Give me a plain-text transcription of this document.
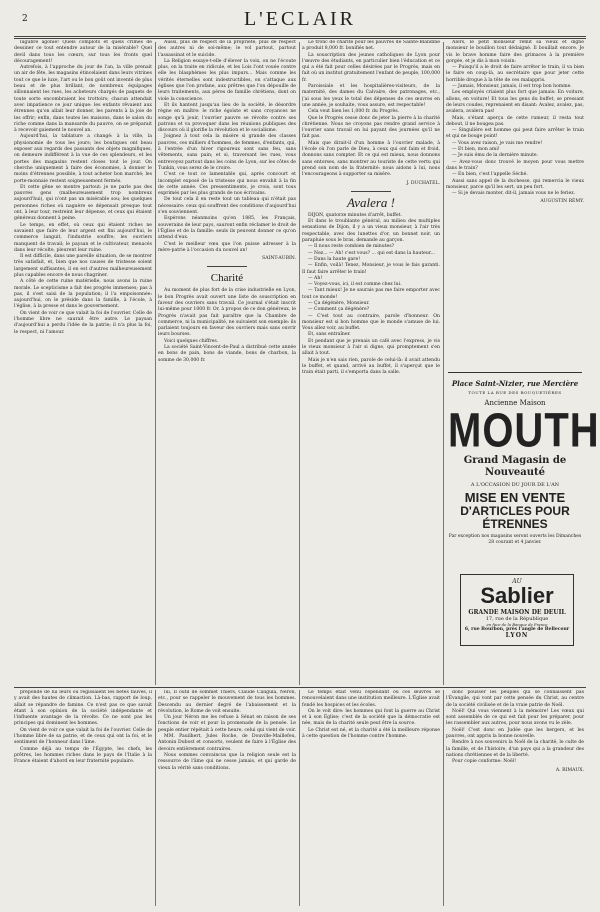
2	L'ECLAIR

lugubre agonie! Quels complots et quels crimes de dessiner ce tout entendre autour de la misérable? Quel devil dans tous les cœurs, sur tous les fronts quel découragement!

Autrefois, à l'approche du jour de l'an, la ville prenait un air de fête, les magasins étincelaient dans leurs vitrines tout ce que le luxe, l'art ou le bon goût ont inventé de plus beau et de plus brillant, de nombreux équipages sillonnaient les rues, les acheteurs chargés de paquets de toute sorte encombraient les trottoirs; chacun attendait avec impatience ce jour unique: les enfants rêvaient aux étrennes qu'on allait leur donner, les parents à la joie de les offrir; enfin, dans toutes les maisons, dans le salon du riche comme dans la mansarde du pauvre, on se préparait à recevoir gaiement le nouvel an.

Aujourd'hui, la tablature a changé: à la ville, la physionomie de tous les jours; les boutiques ont beau exposer aux regards des passants des objets magnifiques, on demeure indifférent à la vue de ces splendeurs, et les portes des magasins restent closes tout le jour. On cherche uniquement à faire des économies, à donner le moins d'étrennes possible, à tout acheter bon marché; les porte-monnaie restent soigneusement fermés.

Et cette gêne se montre partout: je ne parle pas des pauvres gens (malheureusement trop nombreux aujourd'hui), qui n'ont pas un misérable sou; les quelques personnes riches où naguère se dépensait presque tout ont, à leur tour, restreint leur dépense, et ceux qui étaient généreux donnent à peine.

Le temps, en effet, où ceux qui étaient riches ne savaient que faire de leur argent est fini aujourd'hui, le commerce languit, l'industrie souffre; les ouvriers manquent de travail; le paysan et le cultivateur, menacés dans leur récolte, pleurent leur ruine.

Il est difficile, dans une pareille situation, de se montrer très satisfait, et, bien que nos causes de tristesse soient largement suffisantes, il en est d'autres malheureusement plus capables encore de nous chagriner.

A côté de cette ruine matérielle, nous avons la ruine morale. Le scepticisme a fait des progrès immenses; pas à pas, il s'est saisi de la population; il l'a empoisonnée: aujourd'hui, on le préside dans la famille, à l'école, à l'église, à la presse et dans le gouvernement.

On vient de voir ce que valait la foi de l'ouvrier. Celle de l'homme libre ne saurait être autre. Le paysan d'aujourd'hui a perdu l'idée de la patrie; il n'a plus la foi, le respect, ni l'amour.

Aussi, plus de respect de la propriété, plus de respect des autres ni de soi-même; le vol partout, partout l'assassinat et le suicide.

La Religion essaye-t-elle d'élever la voix, on ne l'écoute plus, on la traite en ridicule, et les Lois l'ont vouée contre elle les blasphèmes les plus impurs... Mais comme les vérités éternelles sont indestructibles, on s'attaque aux églises que l'on profane, aux prêtres que l'on dépouille de leurs traitements, aux pères de famille chrétiens, dont on viole la conscience.

Et ils hantent jusqu'au lieu de la société, le désordre règne en maître: le riche égoïste et sans croyances ne songe qu'à jouir, l'ouvrier pauvre se révolte contre ses patrons et va provoquer dans les réunions publiques des discours où il glorifie la révolution et le socialisme.

Joignez à tout cela la misère si grande des classes pauvres, ces milliers d'hommes, de femmes, d'enfants, qui, à l'entrée d'un hiver rigoureux sont sans feu, sans vêtements, sans pain; et si, traversant les rues, vous entrevoyez partout dans les coins de Lyon, sur les côtes de Tunkin, vous serez de le croire.

C'est ce tout ce lamentable qui, après concourt et incomplet exposé de la tristesse qui nous envahit à la fin de cette année. Ces pressentiments, je crois, sont tous exprimés par les plus grands de nos écrivains.

De tout cela il en reste tout un tableau qui n'était pas nécessaire: ceux qui souffrent des conditions d'aujourd'hui s'en souviennent.

Espérons néanmoins qu'en 1885, les Français, souverains de leur pays, sauront enfin réclamer le droit de l'Église et de la famille: seuls ils peuvent donner ce qu'on attend d'eux.

C'est le meilleur vœu que l'on puisse adresser à la mère-patrie à l'occasion du nouvel an!

SAINT-AUBIN.
Charité

Au moment de plus fort de la crise industrielle en Lyon, le bon Progrès avait ouvert une liste de souscription en faveur des ouvriers sans travail. Ce journal s'était inscrit lui-même pour 1000 fr. Or, à propos de ce don généreux, le Progrès n'avait pas fait paraître que la Chambre de commerce, ni la municipalité, ne suivaient son exemple: ils parlaient toujours en faveur des ouvriers mais sans ouvrir leurs bourses.

Voici quelques chiffres.

La société Saint-Vincent-de-Paul a distribué cette année en bons de pain, bons de viande, bons de charbon, la somme de 30,000 fr.

Le tronc de charité pour les pauvres de Sainte-Blandine a produit 8,000 fr. bonifiés net.

La souscription des jeunes catholiques de Lyon pour l'œuvre des étudiants, en particulier bien l'éducation et ce qui a été fait pour celles désirées par le Progrès, mais en fait où un institut gratuitement l'enfant de peuple, 100,000 fr.

Paroissiale et les hospitalières-visiteurs, de la maternité, des dames du Calvaire, des patronages, etc., j'ai sous les yeux le total des dépenses de ces œuvres en une année, je souhaite, vous assure, est respectable!

Cela veut bien les 1,000 fr. du Progrès.

Que le Progrès cesse donc de jeter la pierre à la charité chrétienne. Nous ne croyons pas rendre grand service à l'ouvrier sans travail en lui payant des journées qu'il ne fait pas.

Mais que dirait-il d'un homme à l'ouvrier malade, à l'école où l'on parle de Dieu, à ceux qui ont faim et froid, donnons sans compter. Et ce qui est mieux, nous donnons sans entorses, sans montrer au touriste de cette vertu qui prend son nom de la fraternité: nous aidons à lui, nous l'encourageons à supporter sa misère.

J. DUCHATEL.
Avalera !

DIJON, quatorze minutes d'arrêt, buffet.

Et dans le troublante général, au milieu des multiples sensations de Dijon, il y a un vieux monsieur, à l'air très respectable, avec des lunettes d'or, un bonnet noir, un parapluie sous le bras, demande au garçon.

— Il nous reste combien de minutes?

— Nez... — Ah! c'est vous? ... qui est dans la hauteur...

— Dans la haute gare!

— Enfin, voilà! Tenez, Monsieur, je vous le fais garanti. Il faut faire arrêter le train!

— Ah!

— Voyez-vous, ici, il est comme chez lui.

— Tant mieux! Je ne saurais pas me faire emporter avec tout ce monde!

— Ça dégénère, Monsieur.

— Comment ça dégénère?

— C'est tout au contraire, parole d'honneur. On monsieur est si bon homme que le monde s'amuse de lui. Vous allez voir, au buffet.

Et, sans entraîner.

Et pendant que je prenais un café avec l'express, je vis le vieux monsieur à l'air si digne, qui promptement s'en allait à tout.

Mais je n'en sais rien, parole de celui-là: il avait attendu le buffet, et quand, arrivé au buffet, il s'aperçut que le train était parti, il s'emporta dans la salle.

Alors, le petit monsieur remit sa vieux et digne monsieur le bouillon tout dédaigné. Il bouillait encore. Je vis le brave homme faire des grimaces à la première gorgée, et je dis à mon voisin:

— Puisqu'il a le droit de faire arrêter le train, il va bien le faire en coup-là, au secrétaire que pour jeter cette horrible drogue à la tête de ces malappris.

— Jamais, Monsieur, jamais, il est trop bon homme.

Les employés criaient plus fort que jamais: En voiture, allons, en voiture! Et tous les gens du buffet, se pressant de leurs coudes, reprenaient en disant: Avalez, avalez, pas, avalera, avalera pas!

Mais, s'étant aperçu de cette rumeur, il resta tout debout, il ne bougea pas.

— Singulière est homme qui peut faire arrêter le train et qui ne bouge point!

— Vous avez raison, je vais me rendre!

— Et bien, mon ami!

— Je suis ému de la dernière minute.

— Avez-vous donc trouvé le moyen pour vous mettre dans le train?

— En bien, c'est l'appelle Séché.

Aussi sans appel de la duchesse, qui remercia le vieux monsieur, parce qu'il les sert, un peu fort.

— Si je devais monter, dit-il, jamais vous ne le feriez.

AUGUSTIN RÉMY.
Place Saint-Nizier, rue Mercière
TOUTE LA RUE DES BOUQUETIÈRES
Ancienne Maison
MOUTH
Grand Magasin de Nouveauté
A L'OCCASION DU JOUR DE L'AN
MISE EN VENTE
D'ARTICLES POUR ÉTRENNES
Par exception nos magasins seront ouverts les Dimanches 28 courant et 4 janvier.
AU
Sablier
GRANDE MAISON DE DEUIL
17, rue de la République
en face de la Banque de France
6, rue Bourbon, près l'angle de Bellecour
LYON

prépondé de lui leurs où régissaient les bêtes fauves, il y avait des hautes de climaction. Là-bas, rapport de loup, allait se répandre de famine. Ce n'est pas ce que savait étant à son opinion de la société indépendante et l'influente avantage de la révolte. Ce ne sont pas les principes qui dominent les hommes.

On vient de voir ce que valait la foi de l'ouvrier. Celle de l'homme libre de sa patrie, et de ceux qui ont la foi, et le sentiment de l'honneur dans l'âme.

Comme déjà au temps de l'Égypte, les chefs, les prêtres, les hommes riches dans le pays de l'Italie à la France étaient d'abord en leur fraternité populaire.

lui, Il outil de sommet Thiers, Claude Caligula, Néron, etc., pour se rappeler le mouvement de tous les hommes. Descendu au dernier degré de l'abaissement et la révolution, le Rome de voit ensuite.

Un jour Néron me les refuse à Sénat en raison de ses fonctions de voir et pour la promenade de la pensée. Le peuple entier répétait à cette heure, celui qui vient de voir.

MM. Pauilhert, Jules Roche, de Douville-Maillefeu, Antonin Dubost et consorts, veulent de faire à l'Église des devoirs entièrement contraires.

Nous sommes convaincus que la religion seule est la ressource de l'âme qui ne cesse jamais, et qui garde de vieux la vérité sans conditions.

Le temps était venu cependant où ces œuvres se renouvelaient dans une institution meilleure. L'Église avait fondé les hospices et les écoles.

On le voit dire: les hommes qui font la guerre au Christ et à son Église; c'est de la société que la démocratie est née, mais de la charité seule peut être la source.

Le Christ est né, et la charité a été la meilleure réponse à cette question de l'homme contre l'homme.

donc pousser les peuples qui se connaissent pas l'Évangile, qui vont par cette pensée du Christ, au centre de la société civilisée et de la vraie patrie de Noël.

Noël! Qui vous viennent à la mémoire! Les vœux qui sont assemblés de ce qui est fait pour les préparer, pour les rassembler aux autres, pour nous avons vu le zèle.

Noël! C'est donc en Judée que les bergers, et les pauvres, ont appris la bonne nouvelle.

Rendre à nos souvenirs la Noël de la charité, le culte de la famille, et de l'histoire, d'un pays qui a la grandeur des nations chrétiennes et de la liberté.

Pour copie conforme: Noël!

A. RIMAUX.
